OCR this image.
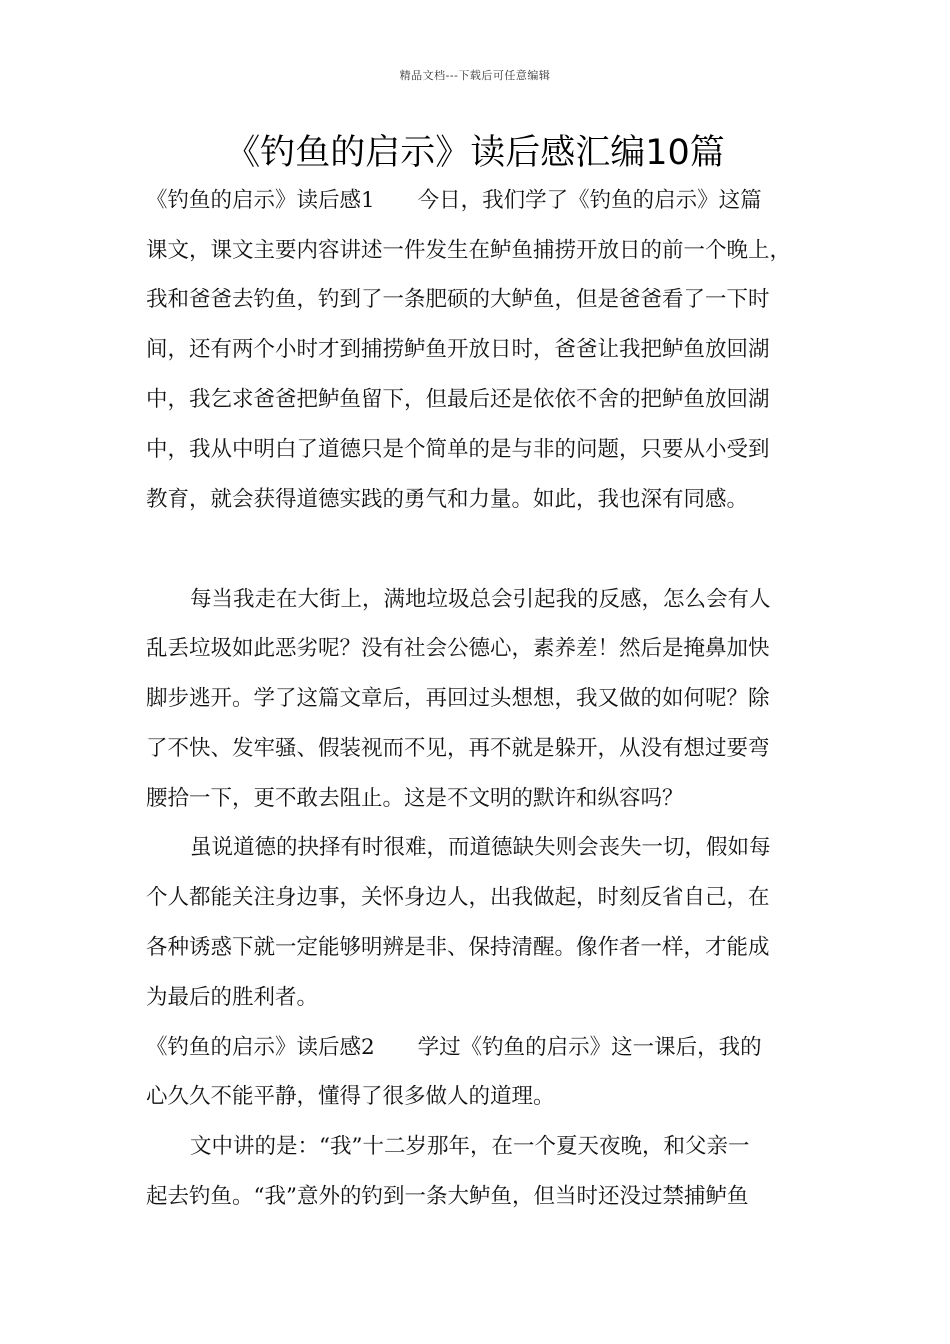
精品文档---下载后可任意编辑
《钓鱼的启示》读后感汇编10篇
《钓鱼的启示》读后感1　　今日，我们学了《钓鱼的启示》这篇
课文，课文主要内容讲述一件发生在鲈鱼捕捞开放日的前一个晚上，
我和爸爸去钓鱼，钓到了一条肥硕的大鲈鱼，但是爸爸看了一下时
间，还有两个小时才到捕捞鲈鱼开放日时，爸爸让我把鲈鱼放回湖
中，我乞求爸爸把鲈鱼留下，但最后还是依依不舍的把鲈鱼放回湖
中，我从中明白了道德只是个简单的是与非的问题，只要从小受到
教育，就会获得道德实践的勇气和力量。如此，我也深有同感。
每当我走在大街上，满地垃圾总会引起我的反感，怎么会有人
乱丢垃圾如此恶劣呢？没有社会公德心，素养差！然后是掩鼻加快
脚步逃开。学了这篇文章后，再回过头想想，我又做的如何呢？除
了不快、发牢骚、假装视而不见，再不就是躲开，从没有想过要弯
腰拾一下，更不敢去阻止。这是不文明的默许和纵容吗？
虽说道德的抉择有时很难，而道德缺失则会丧失一切，假如每
个人都能关注身边事，关怀身边人，出我做起，时刻反省自己，在
各种诱惑下就一定能够明辨是非、保持清醒。像作者一样，才能成
为最后的胜利者。
《钓鱼的启示》读后感2　　学过《钓鱼的启示》这一课后，我的
心久久不能平静，懂得了很多做人的道理。
文中讲的是：“我”十二岁那年，在一个夏天夜晚，和父亲一
起去钓鱼。“我”意外的钓到一条大鲈鱼，但当时还没过禁捕鲈鱼
